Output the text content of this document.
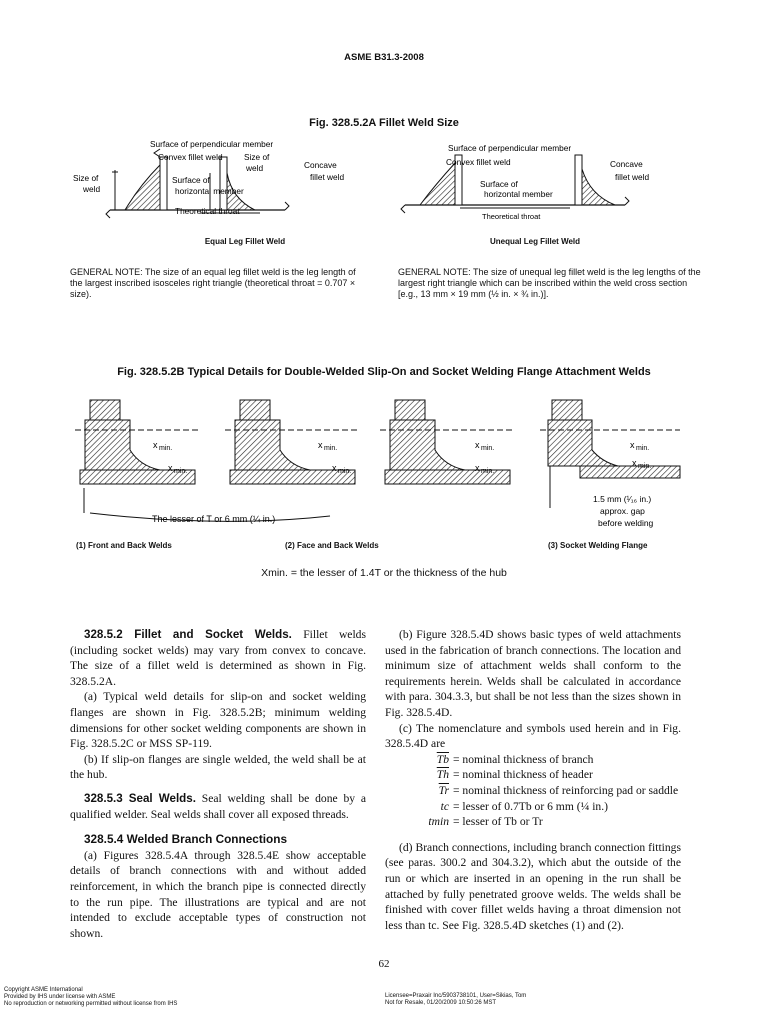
ASME B31.3-2008
Fig. 328.5.2A Fillet Weld Size
Surface of perpendicular member
Convex fillet weld
Size of
weld
Size of
weld
Surface of
horizontal member
Concave
fillet weld
Theoretical throat
Surface of perpendicular member
Convex fillet weld
Surface of
horizontal member
Concave
fillet weld
Theoretical throat
Equal Leg Fillet Weld	Unequal Leg Fillet Weld
GENERAL NOTE: The size of an equal leg fillet weld is the leg length of the largest inscribed isosceles right triangle (theoretical throat = 0.707 × size).
GENERAL NOTE: The size of unequal leg fillet weld is the leg lengths of the largest right triangle which can be inscribed within the weld cross section [e.g., 13 mm × 19 mm (½ in. × ¾ in.)].
Fig. 328.5.2B Typical Details for Double-Welded Slip-On and Socket Welding Flange Attachment Welds
x min.
x min.
x min.
x min.
x min.
x min.
x min.
x min.
The lesser of T or 6 mm (¼ in.)
1.5 mm (¹⁄₁₆ in.)
approx. gap
before welding
(1) Front and Back Welds	(2) Face and Back Welds	(3) Socket Welding Flange
Xmin. = the lesser of 1.4T or the thickness of the hub

328.5.2 Fillet and Socket Welds. Fillet welds (including socket welds) may vary from convex to concave. The size of a fillet weld is determined as shown in Fig. 328.5.2A.

(a) Typical weld details for slip-on and socket welding flanges are shown in Fig. 328.5.2B; minimum welding dimensions for other socket welding components are shown in Fig. 328.5.2C or MSS SP-119.

(b) If slip-on flanges are single welded, the weld shall be at the hub.

328.5.3 Seal Welds. Seal welding shall be done by a qualified welder. Seal welds shall cover all exposed threads.

328.5.4 Welded Branch Connections

(a) Figures 328.5.4A through 328.5.4E show acceptable details of branch connections with and without added reinforcement, in which the branch pipe is connected directly to the run pipe. The illustrations are typical and are not intended to exclude acceptable types of construction not shown.

(b) Figure 328.5.4D shows basic types of weld attachments used in the fabrication of branch connections. The location and minimum size of attachment welds shall conform to the requirements herein. Welds shall be calculated in accordance with para. 304.3.3, but shall be not less than the sizes shown in Fig. 328.5.4D.

(c) The nomenclature and symbols used herein and in Fig. 328.5.4D are

$\overline{Tb}$ = nominal thickness of branch
$\overline{Th}$ = nominal thickness of header
$\overline{Tr}$ = nominal thickness of reinforcing pad or saddle
tc = lesser of 0.7Tb or 6 mm (¼ in.)
tmin = lesser of Tb or Tr

(d) Branch connections, including branch connection fittings (see paras. 300.2 and 304.3.2), which abut the outside of the run or which are inserted in an opening in the run shall be attached by fully penetrated groove welds. The welds shall be finished with cover fillet welds having a throat dimension not less than tc. See Fig. 328.5.4D sketches (1) and (2).

62
Copyright ASME International
Provided by IHS under license with ASME
No reproduction or networking permitted without license from IHS
Licensee=Praxair Inc/5903738101, User=Sikias, Tom
Not for Resale, 01/20/2009 10:50:26 MST
